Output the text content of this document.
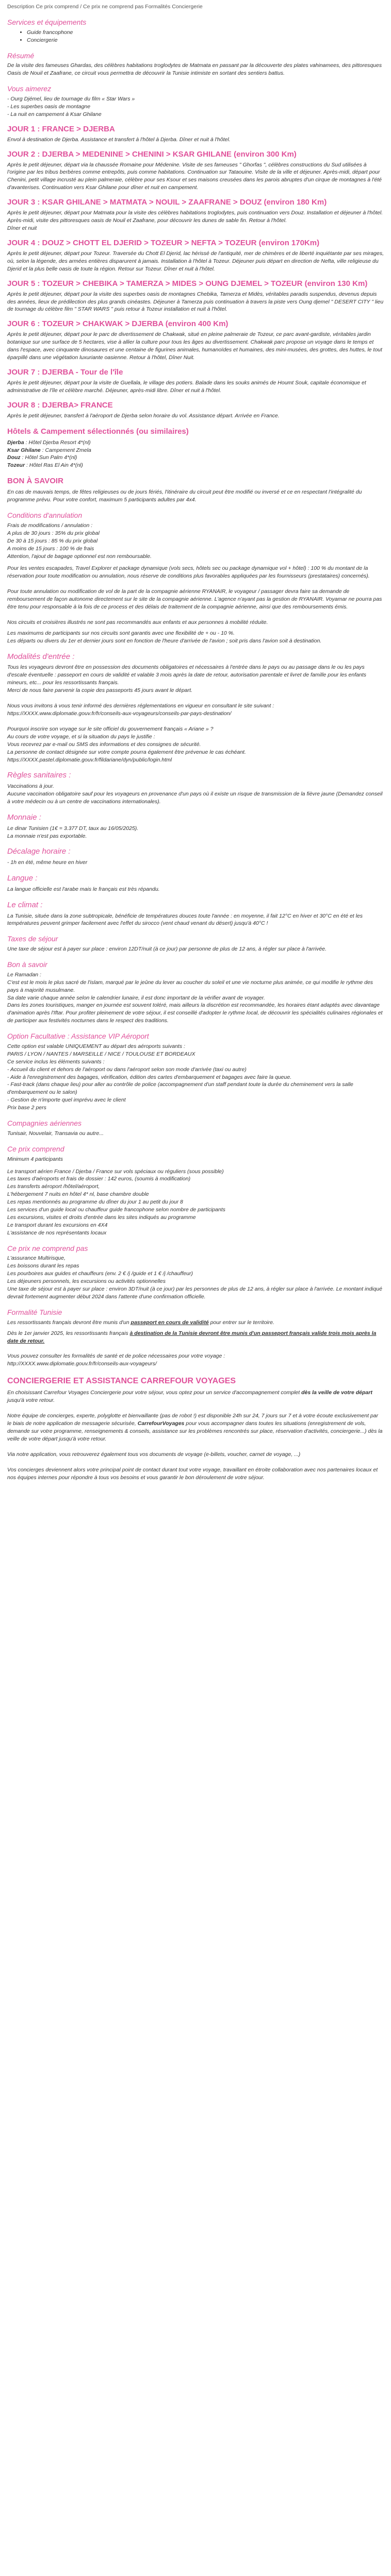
Description Ce prix comprend / Ce prix ne comprend pas Formalités Conciergerie
Services et équipements
• Guide francophone
• Conciergerie
Résumé

De la visite des fameuses Ghardas, des célèbres habitations troglodytes de Matmata en passant par la découverte des plates vahinamees, des pittoresques Oasis de Nouil et Zaafrane, ce circuit vous permettra de découvrir la Tunisie intimiste en sortant des sentiers battus.

Vous aimerez
- Ourg Djémel, lieu de tournage du film « Star Wars »
- Les superbes oasis de montagne
- La nuit en campement à Ksar Ghilane
JOUR 1 : FRANCE > DJERBA

Envol à destination de Djerba. Assistance et transfert à l'hôtel à Djerba. Dîner et nuit à l'hôtel.

JOUR 2 : DJERBA > MEDENINE > CHENINI > KSAR GHILANE (environ 300 Km)

Après le petit déjeuner, départ via la chaussée Romaine pour Médenine. Visite de ses fameuses " Ghorfas ", célèbres constructions du Sud utilisées à l'origine par les tribus berbères comme entrepôts, puis comme habitations. Continuation sur Tataouine. Visite de la ville et déjeuner. Après-midi, départ pour Chenini, petit village incrusté au plein palmeraie, célèbre pour ses Ksour et ses maisons creusées dans les parois abruptes d'un cirque de montagnes à l'été d'avanterises. Continuation vers Ksar Ghilane pour dîner et nuit en campement.

JOUR 3 : KSAR GHILANE > MATMATA > NOUIL > ZAAFRANE > DOUZ (environ 180 Km)

Après le petit déjeuner, départ pour Matmata pour la visite des célèbres habitations troglodytes, puis continuation vers Douz. Installation et déjeuner à l'hôtel. Après-midi, visite des pittoresques oasis de Nouil et Zaafrane, pour découvrir les dunes de sable fin. Retour à l'hôtel.

Dîner et nuit

JOUR 4 : DOUZ > CHOTT EL DJERID > TOZEUR > NEFTA > TOZEUR (environ 170Km)

Après le petit déjeuner, départ pour Tozeur. Traversée du Chott El Djerid, lac hérissé de l'antiquité, mer de chimères et de liberté inquiétante par ses mirages, où, selon la légende, des armées entières disparurent à jamais. Installation à l'hôtel à Tozeur. Déjeuner puis départ en direction de Nefta, ville religieuse du Djerid et la plus belle oasis de toute la région. Retour sur Tozeur. Dîner et nuit à l'hôtel.

JOUR 5 : TOZEUR > CHEBIKA > TAMERZA > MIDES > OUNG DJEMEL > TOZEUR (environ 130 Km)

Après le petit déjeuner, départ pour la visite des superbes oasis de montagnes Chebika, Tamerza et Midès, véritables paradis suspendus, devenus depuis des années, lieux de prédilection des plus grands cinéastes. Déjeuner à Tamerza puis continuation à travers la piste vers Oung djemel " DESERT CITY " lieu de tournage du célèbre film " STAR WARS " puis retour à Tozeur installation et nuit à l'hôtel.

JOUR 6 : TOZEUR > CHAKWAK > DJERBA (environ 400 Km)

Après le petit déjeuner, départ pour le parc de divertissement de Chakwak, situé en pleine palmeraie de Tozeur, ce parc avant-gardiste, véritables jardin botanique sur une surface de 5 hectares, vise à allier la culture pour tous les âges au divertissement. Chakwak parc propose un voyage dans le temps et dans l'espace, avec cinquante dinosaures et une centaine de figurines animales, humanoïdes et humaines, des mini-musées, des grottes, des huttes, le tout éparpillé dans une végétation luxuriante oasienne. Retour à l'hôtel, Dîner Nuit.

JOUR 7 : DJERBA - Tour de l'île

Après le petit déjeuner, départ pour la visite de Guellala, le village des potiers. Balade dans les souks animés de Houmt Souk, capitale économique et administrative de l'île et célèbre marché. Déjeuner, après-midi libre. Dîner et nuit à l'hôtel.

JOUR 8 : DJERBA> FRANCE

Après le petit déjeuner, transfert à l'aéroport de Djerba selon horaire du vol. Assistance départ. Arrivée en France.

Hôtels & Campement sélectionnés (ou similaires)
Djerba : Hôtel Djerba Resort 4*(nl)
Ksar Ghilane : Campement Zmela
Douz : Hôtel Sun Palm 4*(nl)
Tozeur : Hôtel Ras El Ain 4*(nl)
BON À SAVOIR

En cas de mauvais temps, de fêtes religieuses ou de jours fériés, l'itinéraire du circuit peut être modifié ou inversé et ce en respectant l'intégralité du programme prévu. Pour votre confort, maximum 5 participants adultes par 4x4.

Conditions d'annulation
Frais de modifications / annulation :
A plus de 30 jours : 35% du prix global
De 30 à 15 jours : 85 % du prix global
A moins de 15 jours : 100 % de frais
Attention, l'ajout de bagage optionnel est non remboursable.

Pour les ventes escapades, Travel Explorer et package dynamique (vols secs, hôtels sec ou package dynamique vol + hôtel) : 100 % du montant de la réservation pour toute modification ou annulation, nous réserve de conditions plus favorables appliquées par les fournisseurs (prestataires) concernés).

Pour toute annulation ou modification de vol de la part de la compagnie aérienne RYANAIR, le voyageur / passager devra faire sa demande de remboursement de façon autonome directement sur le site de la compagnie aérienne. L'agence n'ayant pas la gestion de RYANAIR. Voyamar ne pourra pas être tenu pour responsable à la fois de ce process et des délais de traitement de la compagnie aérienne, ainsi que des remboursements émis.

Nos circuits et croisières illustrés ne sont pas recommandés aux enfants et aux personnes à mobilité réduite.

Les maximums de participants sur nos circuits sont garantis avec une flexibilité de + ou - 10 %.
Les départs ou divers du 1er et dernier jours sont en fonction de l'heure d'arrivée de l'avion ; soit pris dans l'avion soit à destination.
Modalités d'entrée :

Tous les voyageurs devront être en possession des documents obligatoires et nécessaires à l'entrée dans le pays ou au passage dans le ou les pays d'escale éventuelle : passeport en cours de validité et valable 3 mois après la date de retour, autorisation parentale et livret de famille pour les enfants mineurs, etc... pour les ressortissants français.

Merci de nous faire parvenir la copie des passeports 45 jours avant le départ.

Nous vous invitons à vous tenir informé des dernières réglementations en vigueur en consultant le site suivant : https://XXXX.www.diplomatie.gouv.fr/fr/conseils-aux-voyageurs/conseils-par-pays-destination/

Pourquoi inscrire son voyage sur le site officiel du gouvernement français « Ariane » ?
Au cours de votre voyage, et si la situation du pays le justifie :
Vous recevrez par e-mail ou SMS des informations et des consignes de sécurité.
La personne de contact désignée sur votre compte pourra également être prévenue le cas échéant.
https://XXXX.pastel.diplomatie.gouv.fr/fildariane/dyn/public/login.html
Règles sanitaires :
Vaccinations à jour.
Aucune vaccination obligatoire sauf pour les voyageurs en provenance d'un pays où il existe un risque de transmission de la fièvre jaune (Demandez conseil à votre médecin ou à un centre de vaccinations internationales).
Monnaie :
Le dinar Tunisien (1€ = 3.377 DT, taux au 16/05/2025).
La monnaie n'est pas exportable.
Décalage horaire :
- 1h en été, même heure en hiver
Langue :
La langue officielle est l'arabe mais le français est très répandu.
Le climat :

La Tunisie, située dans la zone subtropicale, bénéficie de températures douces toute l'année : en moyenne, il fait 12°C en hiver et 30°C en été et les températures peuvent grimper facilement avec l'effet du sirocco (vent chaud venant du désert) jusqu'à 40°C !

Taxes de séjour

Une taxe de séjour est à payer sur place : environ 12DT/nuit (à ce jour) par personne de plus de 12 ans, à régler sur place à l'arrivée.

Bon à savoir
Le Ramadan :

C'est est le mois le plus sacré de l'islam, marqué par le jeûne du lever au coucher du soleil et une vie nocturne plus animée, ce qui modifie le rythme des pays à majorité musulmane.

Sa date varie chaque année selon le calendrier lunaire, il est donc important de la vérifier avant de voyager.

Dans les zones touristiques, manger en journée est souvent toléré, mais ailleurs la discrétion est recommandée, les horaires étant adaptés avec davantage d'animation après l'Iftar. Pour profiter pleinement de votre séjour, il est conseillé d'adopter le rythme local, de découvrir les spécialités culinaires régionales et de participer aux festivités nocturnes dans le respect des traditions.

Option Facultative : Assistance VIP Aéroport
Cette option est valable UNIQUEMENT au départ des aéroports suivants :
PARIS / LYON / NANTES / MARSEILLE / NICE / TOULOUSE ET BORDEAUX
Ce service inclus les éléments suivants :
- Accueil du client et dehors de l'aéroport ou dans l'aéroport selon son mode d'arrivée (taxi ou autre)
- Aide à l'enregistrement des bagages, vérification, édition des cartes d'embarquement et bagages avec faire la queue.
- Fast-track (dans chaque lieu) pour aller au contrôle de police (accompagnement d'un staff pendant toute la durée du cheminement vers la salle d'embarquement ou le salon)
- Gestion de n'importe quel imprévu avec le client
Prix base 2 pers
Compagnies aériennes
Tunisair, Nouvelair, Transavia ou autre...
Ce prix comprend
Minimum 4 participants
Le transport aérien France / Djerba / France sur vols spéciaux ou réguliers (sous possible)
Les taxes d'aéroports et frais de dossier : 142 euros, (soumis à modification)
Les transferts aéroport /hôtel/aéroport,
L'hébergement 7 nuits en hôtel 4* nl, base chambre double
Les repas mentionnés au programme du dîner du jour 1 au petit du jour 8
Les services d'un guide local ou chauffeur guide francophone selon nombre de participants
Les excursions, visites et droits d'entrée dans les sites indiqués au programme
Le transport durant les excursions en 4X4
L'assistance de nos représentants locaux
Ce prix ne comprend pas
L'assurance Multirisque,
Les boissons durant les repas
Les pourboires aux guides et chauffeurs (env. 2 € /j /guide et 1 € /j /chauffeur)
Les déjeuners personnels, les excursions ou activités optionnelles
Une taxe de séjour est à payer sur place : environ 3DT/nuit (à ce jour) par les personnes de plus de 12 ans, à régler sur place à l'arrivée. Le montant indiqué devrait fortement augmenter début 2024 dans l'attente d'une confirmation officielle.
Formalité Tunisie

Les ressortissants français devront être munis d'un passeport en cours de validité pour entrer sur le territoire.

Dès le 1er janvier 2025, les ressortissants français à destination de la Tunisie devront être munis d'un passeport français valide trois mois après la date de retour.

Vous pouvez consulter les formalités de santé et de police nécessaires pour votre voyage :
http://XXXX.www.diplomatie.gouv.fr/fr/conseils-aux-voyageurs/
CONCIERGERIE ET ASSISTANCE CARREFOUR VOYAGES

En choisissant Carrefour Voyages Conciergerie pour votre séjour, vous optez pour un service d'accompagnement complet dès la veille de votre départ jusqu'à votre retour.

Notre équipe de concierges, experte, polyglotte et bienvaillante (pas de robot !) est disponible 24h sur 24, 7 jours sur 7 et à votre écoute exclusivement par le biais de notre application de messagerie sécurisée, CarrefourVoyages pour vous accompagner dans toutes les situations (enregistrement de vols, demande sur votre programme, renseignements & conseils, assistance sur les problèmes rencontrés sur place, réservation d'activités, conciergerie...) dès la veille de votre départ jusqu'à votre retour.

Via notre application, vous retrouverez également tous vos documents de voyage (e-billets, voucher, carnet de voyage, ...)

Vos concierges deviennent alors votre principal point de contact durant tout votre voyage, travaillant en étroite collaboration avec nos partenaires locaux et nos équipes internes pour répondre à tous vos besoins et vous garantir le bon déroulement de votre séjour.
